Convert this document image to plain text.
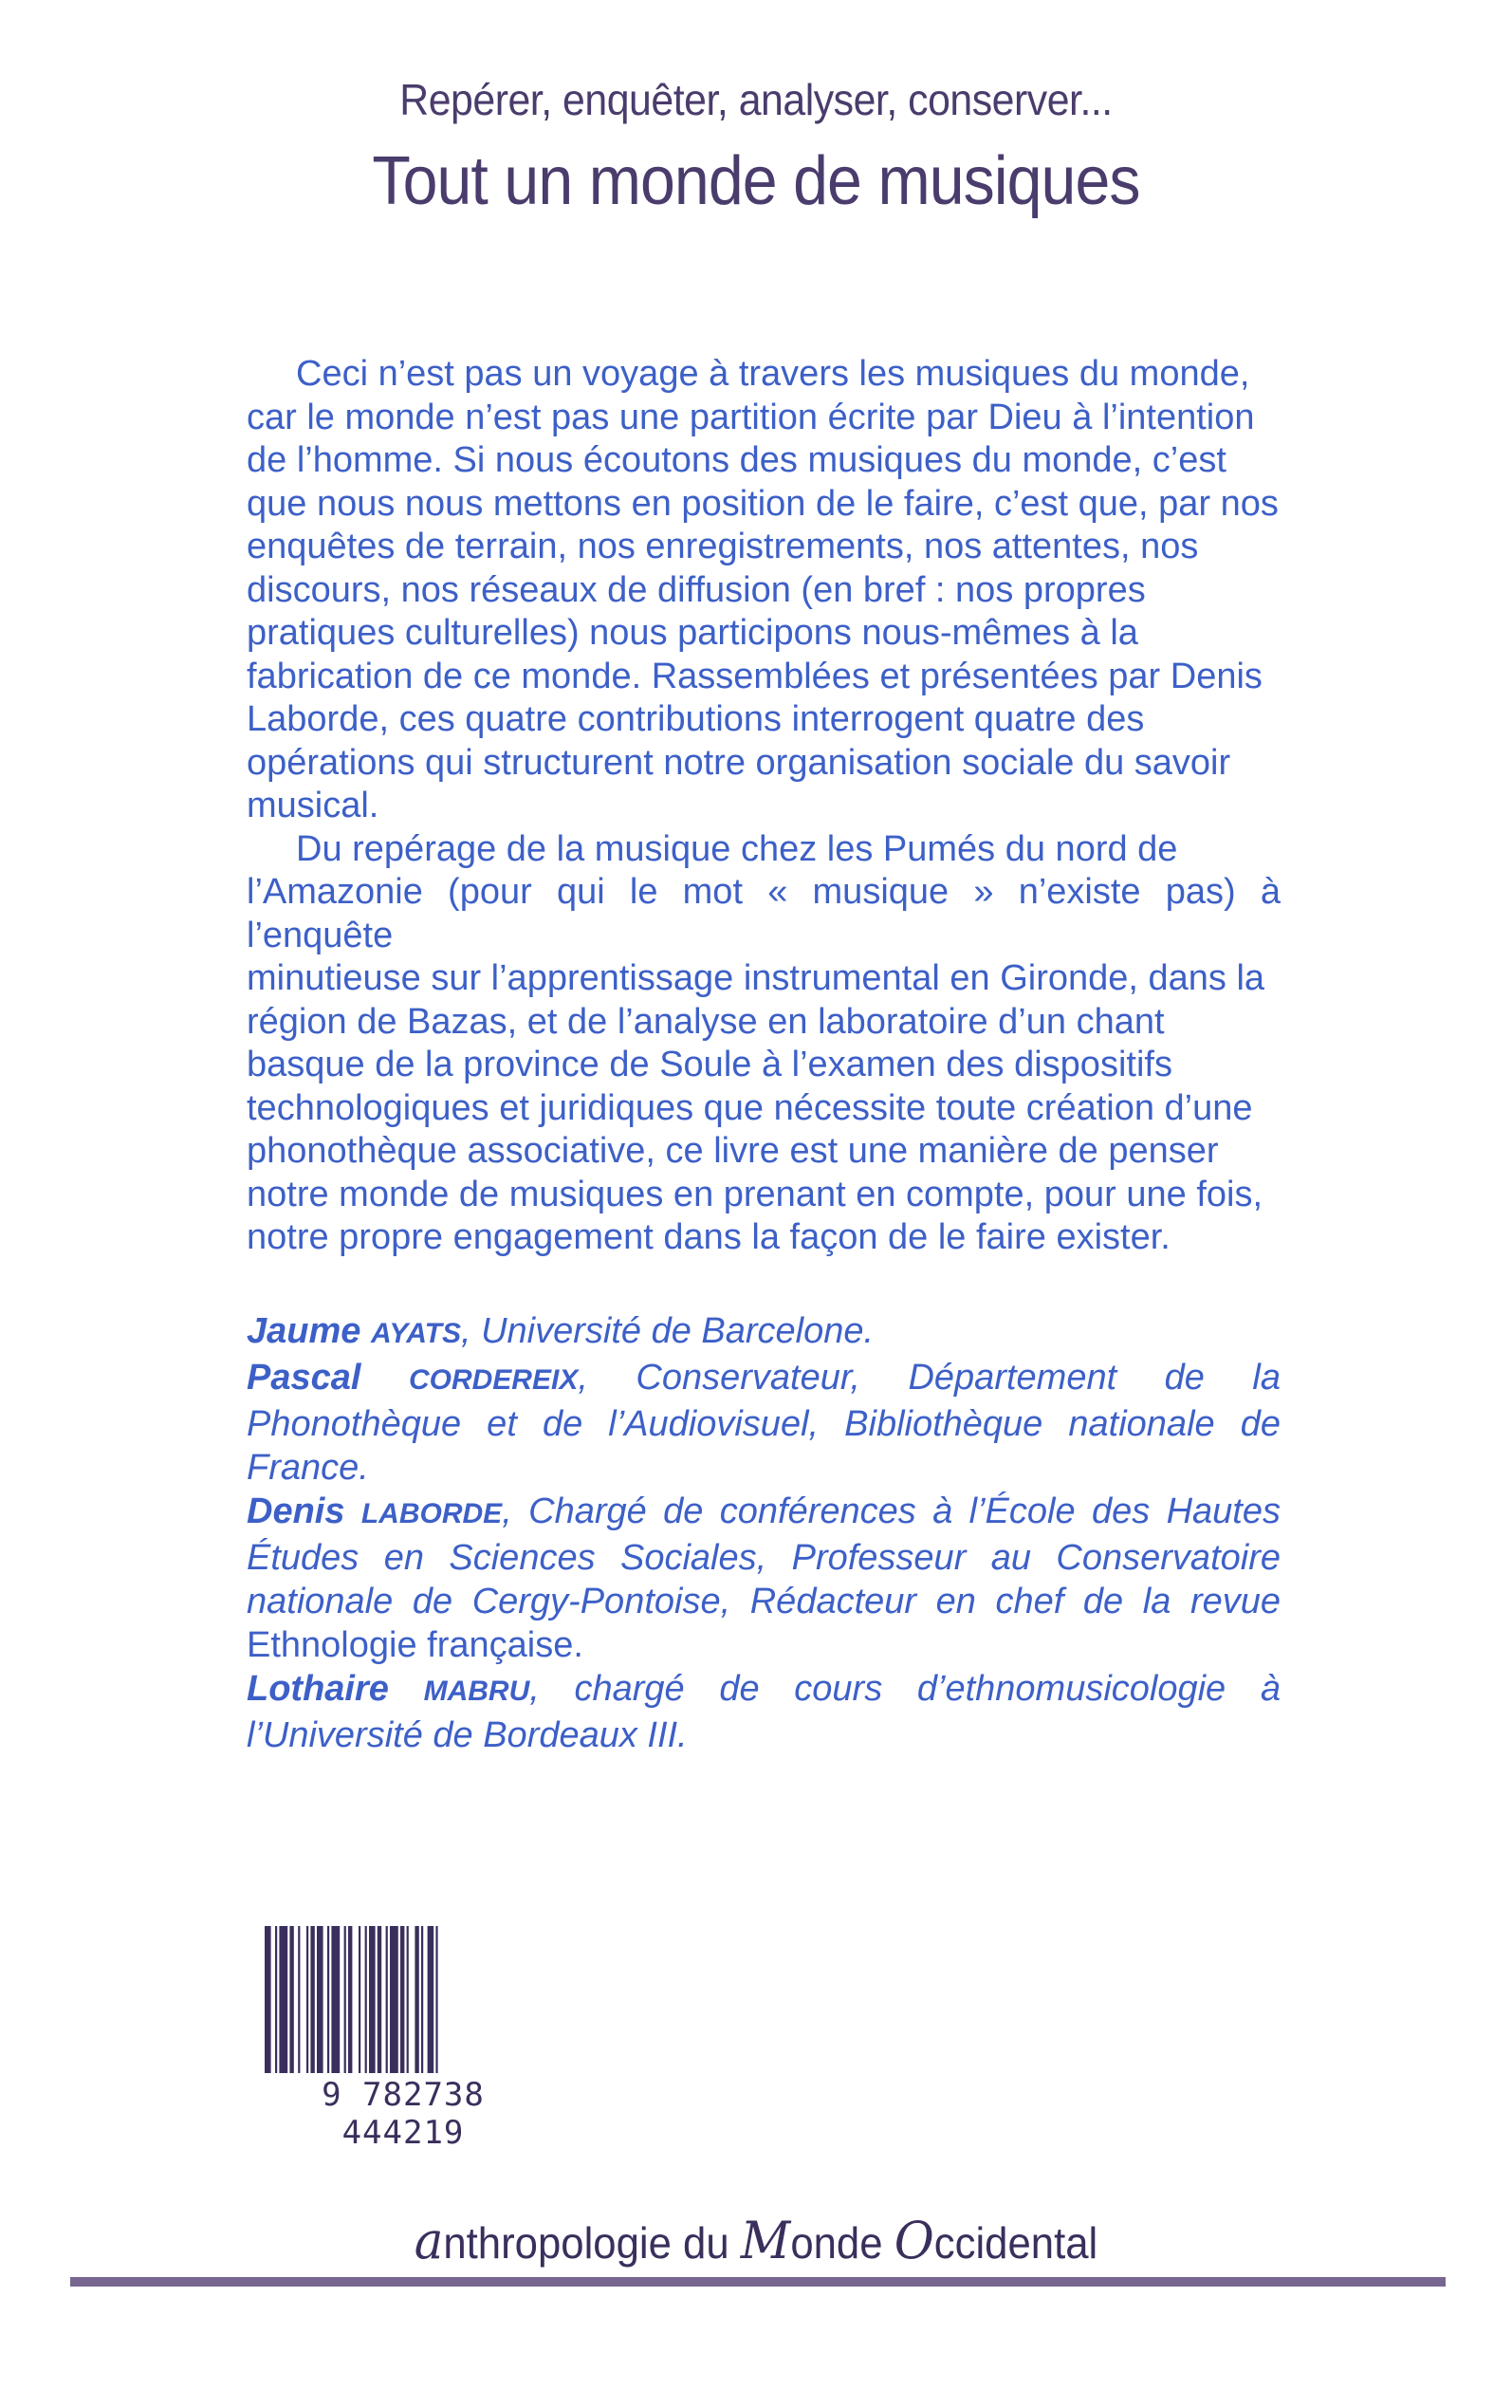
Repérer, enquêter, analyser, conserver...
Tout un monde de musiques

Ceci n’est pas un voyage à travers les musiques du monde,
car le monde n’est pas une partition écrite par Dieu à l’intention
de l’homme. Si nous écoutons des musiques du monde, c’est
que nous nous mettons en position de le faire, c’est que, par nos
enquêtes de terrain, nos enregistrements, nos attentes, nos
discours, nos réseaux de diffusion (en bref : nos propres
pratiques culturelles) nous participons nous-mêmes à la
fabrication de ce monde. Rassemblées et présentées par Denis
Laborde, ces quatre contributions interrogent quatre des
opérations qui structurent notre organisation sociale du savoir
musical.

Du repérage de la musique chez les Pumés du nord de
l’Amazonie (pour qui le mot « musique » n’existe pas) à l’enquête
minutieuse sur l’apprentissage instrumental en Gironde, dans la
région de Bazas, et de l’analyse en laboratoire d’un chant
basque de la province de Soule à l’examen des dispositifs
technologiques et juridiques que nécessite toute création d’une
phonothèque associative, ce livre est une manière de penser
notre monde de musiques en prenant en compte, pour une fois,
notre propre engagement dans la façon de le faire exister.

Jaume AYATS, Université de Barcelone.

Pascal CORDEREIX, Conservateur, Département de la Phonothèque et de l’Audiovisuel, Bibliothèque nationale de France.

Denis LABORDE, Chargé de conférences à l’École des Hautes Études en Sciences Sociales, Professeur au Conservatoire nationale de Cergy-Pontoise, Rédacteur en chef de la revue Ethnologie française.

Lothaire MABRU, chargé de cours d’ethnomusicologie à l’Université de Bordeaux III.

9 782738 444219
anthropologie du Monde Occidental
